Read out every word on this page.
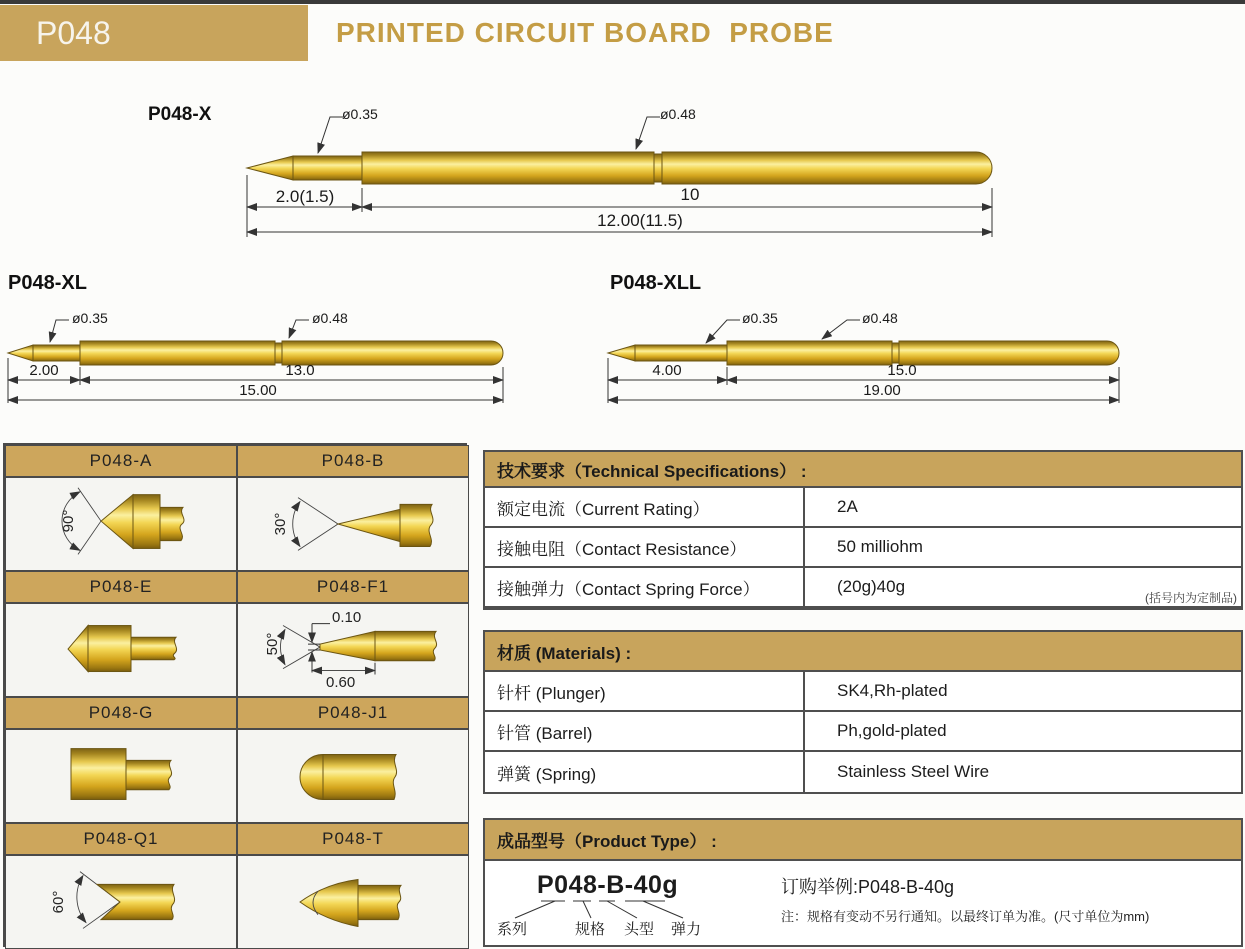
P048	PRINTED CIRCUIT BOARD  PROBE
P048-X	ø0.35	ø0.48
2.0(1.5)	10
12.00(11.5)
P048-XL
ø0.35	ø0.48
2.00	13.0
15.00
P048-XLL
ø0.35	ø0.48
4.00	15.0
19.00
P048-A	P048-B
90°	30°
P048-E	P048-F1
50°
0.10
0.60
P048-G	P048-J1
P048-Q1	P048-T
60°
技术要求（Technical Specifications） :
额定电流（Current Rating）	2A
接触电阻（Contact Resistance）	50 milliohm
接触弹力（Contact Spring Force）	(20g)40g
(括号内为定制品)
材质 (Materials) :
针杆 (Plunger)	SK4,Rh-plated
针管 (Barrel)	Ph,gold-plated
弹簧 (Spring)	Stainless Steel Wire
成品型号（Product Type） :
P048-B-40g
系列	规格 头型 弹力
订购举例:P048-B-40g
注：规格有变动不另行通知。以最终订单为准。(尺寸单位为mm)
